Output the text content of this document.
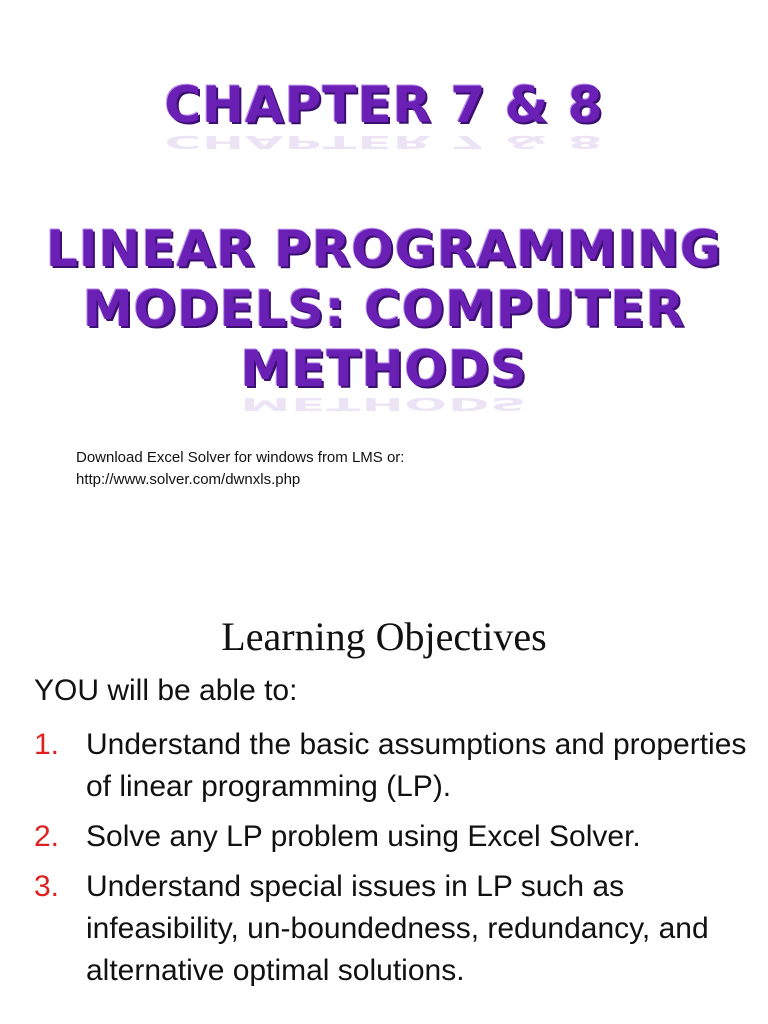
CHAPTER 7 & 8
CHAPTER 7 & 8
LINEAR PROGRAMMING
MODELS: COMPUTER
METHODS
METHODS
Download Excel Solver for windows from LMS or:
http://www.solver.com/dwnxls.php
Learning Objectives
YOU will be able to:
1. Understand the basic assumptions and properties of linear programming (LP).
2. Solve any LP problem using Excel Solver.
3. Understand special issues in LP such as infeasibility, un-boundedness, redundancy, and alternative optimal solutions.
